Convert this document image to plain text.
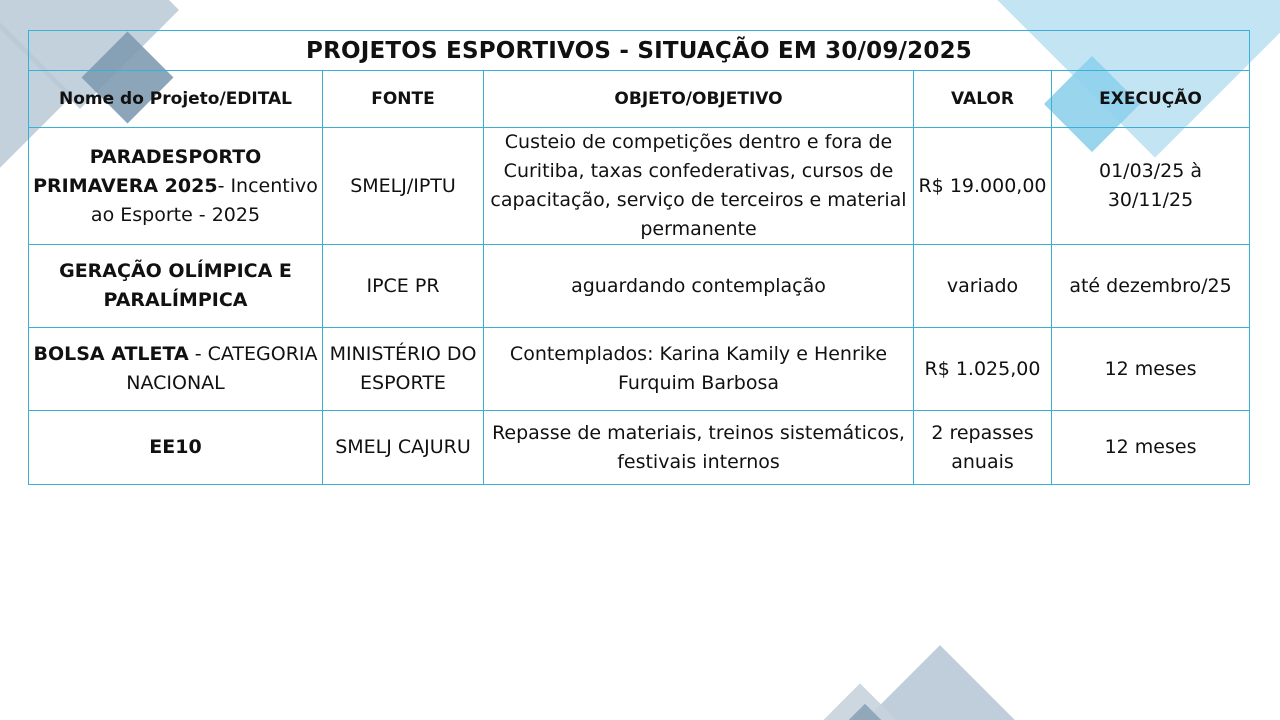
PROJETOS ESPORTIVOS - SITUAÇÃO EM 30/09/2025				
Nome do Projeto/EDITAL	FONTE	OBJETO/OBJETIVO	VALOR	EXECUÇÃO
PARADESPORTO PRIMAVERA 2025- Incentivo ao Esporte - 2025	SMELJ/IPTU	Custeio de competições dentro e fora de Curitiba, taxas confederativas, cursos de capacitação, serviço de terceiros e material permanente	R$ 19.000,00	01/03/25 à 30/11/25
GERAÇÃO OLÍMPICA E PARALÍMPICA	IPCE PR	aguardando contemplação	variado	até dezembro/25
BOLSA ATLETA - CATEGORIA NACIONAL	MINISTÉRIO DO ESPORTE	Contemplados: Karina Kamily e Henrike Furquim Barbosa	R$ 1.025,00	12 meses
EE10	SMELJ CAJURU	Repasse de materiais, treinos sistemáticos, festivais internos	2 repasses anuais	12 meses
